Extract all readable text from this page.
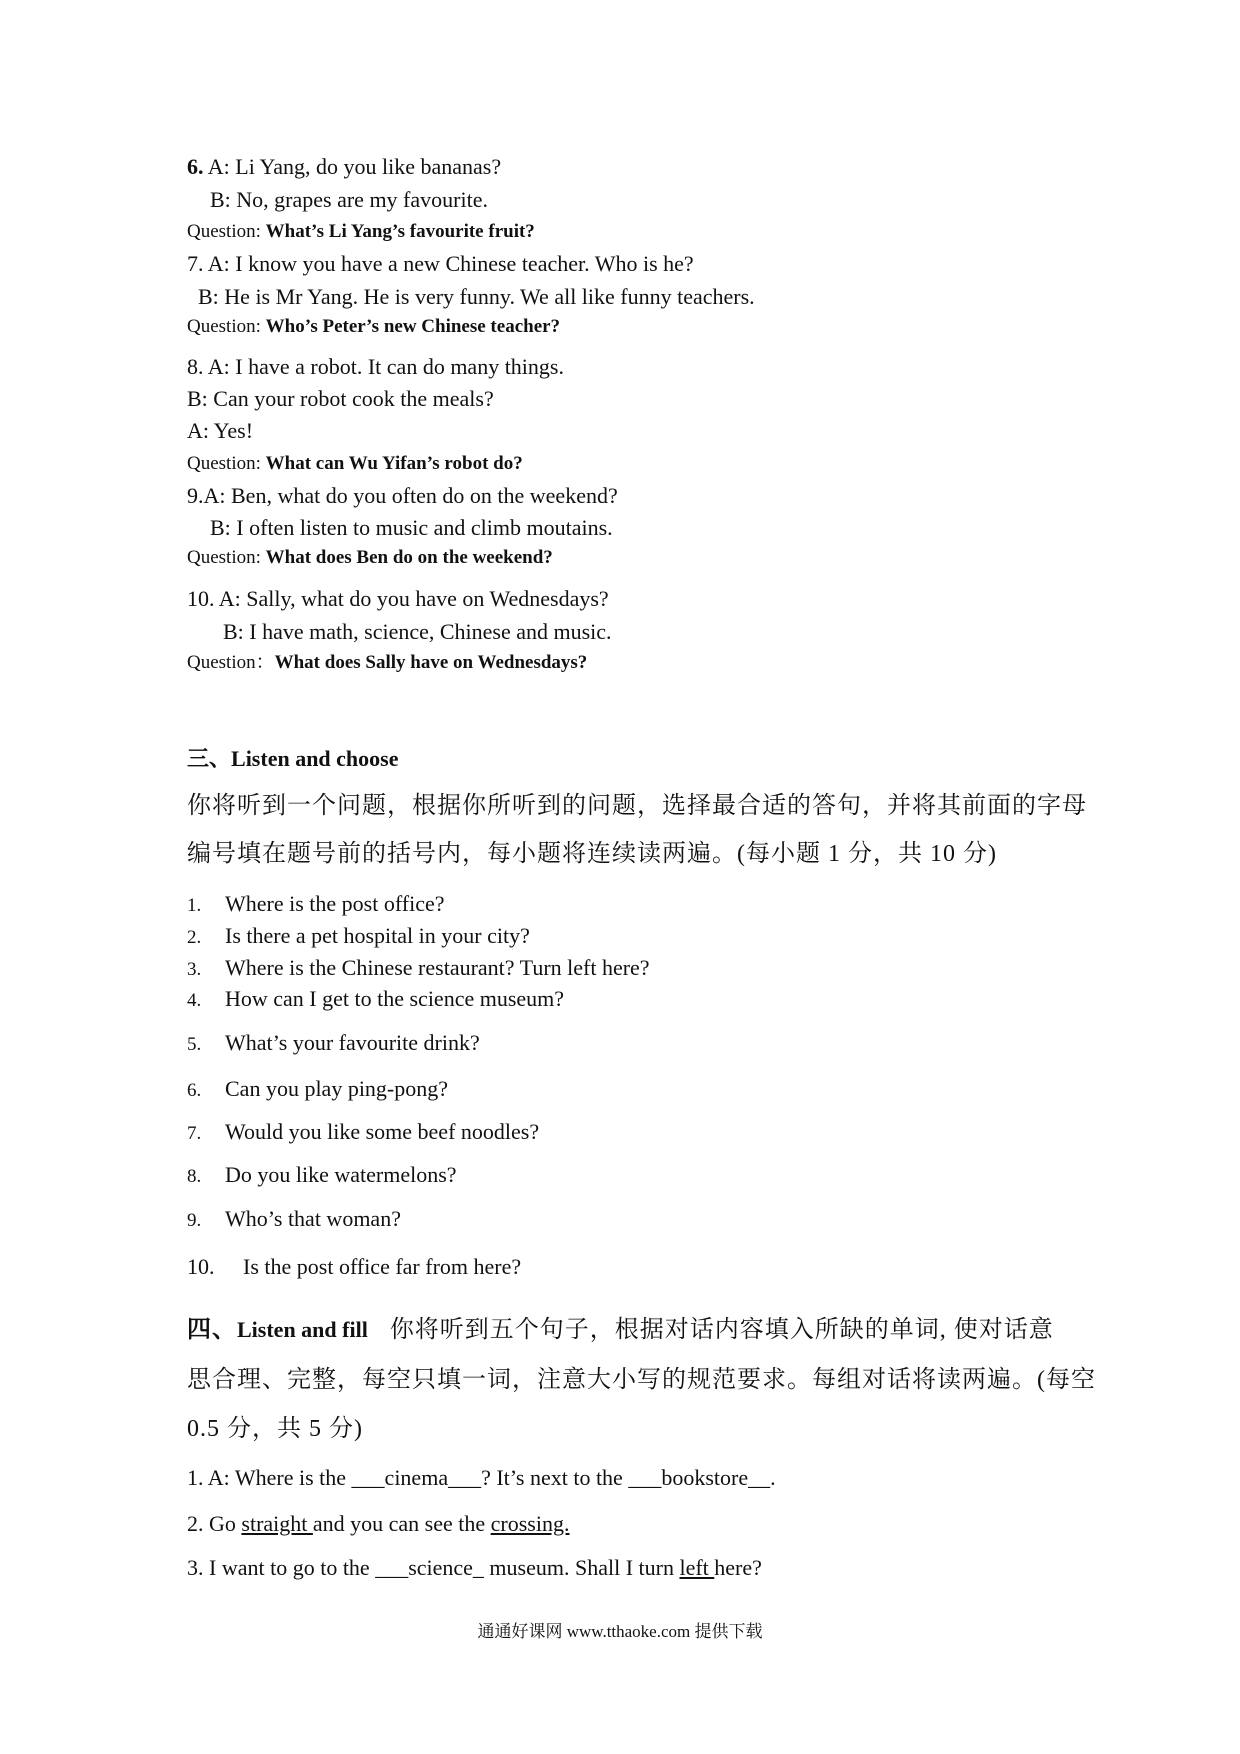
6. A: Li Yang, do you like bananas?
B: No, grapes are my favourite.
Question: What’s Li Yang’s favourite fruit?
7. A: I know you have a new Chinese teacher. Who is he?
B: He is Mr Yang. He is very funny. We all like funny teachers.
Question: Who’s Peter’s new Chinese teacher?
8. A: I have a robot. It can do many things.
B: Can your robot cook the meals?
A: Yes!
Question: What can Wu Yifan’s robot do?
9.A: Ben, what do you often do on the weekend?
B: I often listen to music and climb moutains.
Question: What does Ben do on the weekend?
10. A: Sally, what do you have on Wednesdays?
B: I have math, science, Chinese and music.
Question：What does Sally have on Wednesdays?
三、Listen and choose
你将听到一个问题，根据你所听到的问题，选择最合适的答句，并将其前面的字母
编号填在题号前的括号内，每小题将连续读两遍。(每小题 1 分，共 10 分)
1. Where is the post office?
2. Is there a pet hospital in your city?
3. Where is the Chinese restaurant? Turn left here?
4. How can I get to the science museum?
5. What’s your favourite drink?
6. Can you play ping-pong?
7. Would you like some beef noodles?
8. Do you like watermelons?
9. Who’s that woman?
10. Is the post office far from here?
四、Listen and fill 你将听到五个句子，根据对话内容填入所缺的单词, 使对话意
思合理、完整，每空只填一词，注意大小写的规范要求。每组对话将读两遍。(每空
0.5 分，共 5 分)
1. A: Where is the ___cinema___? It’s next to the ___bookstore__.
2. Go straight and you can see the crossing.
3. I want to go to the ___science_ museum. Shall I turn left here?
通通好课网 www.tthaoke.com 提供下载
